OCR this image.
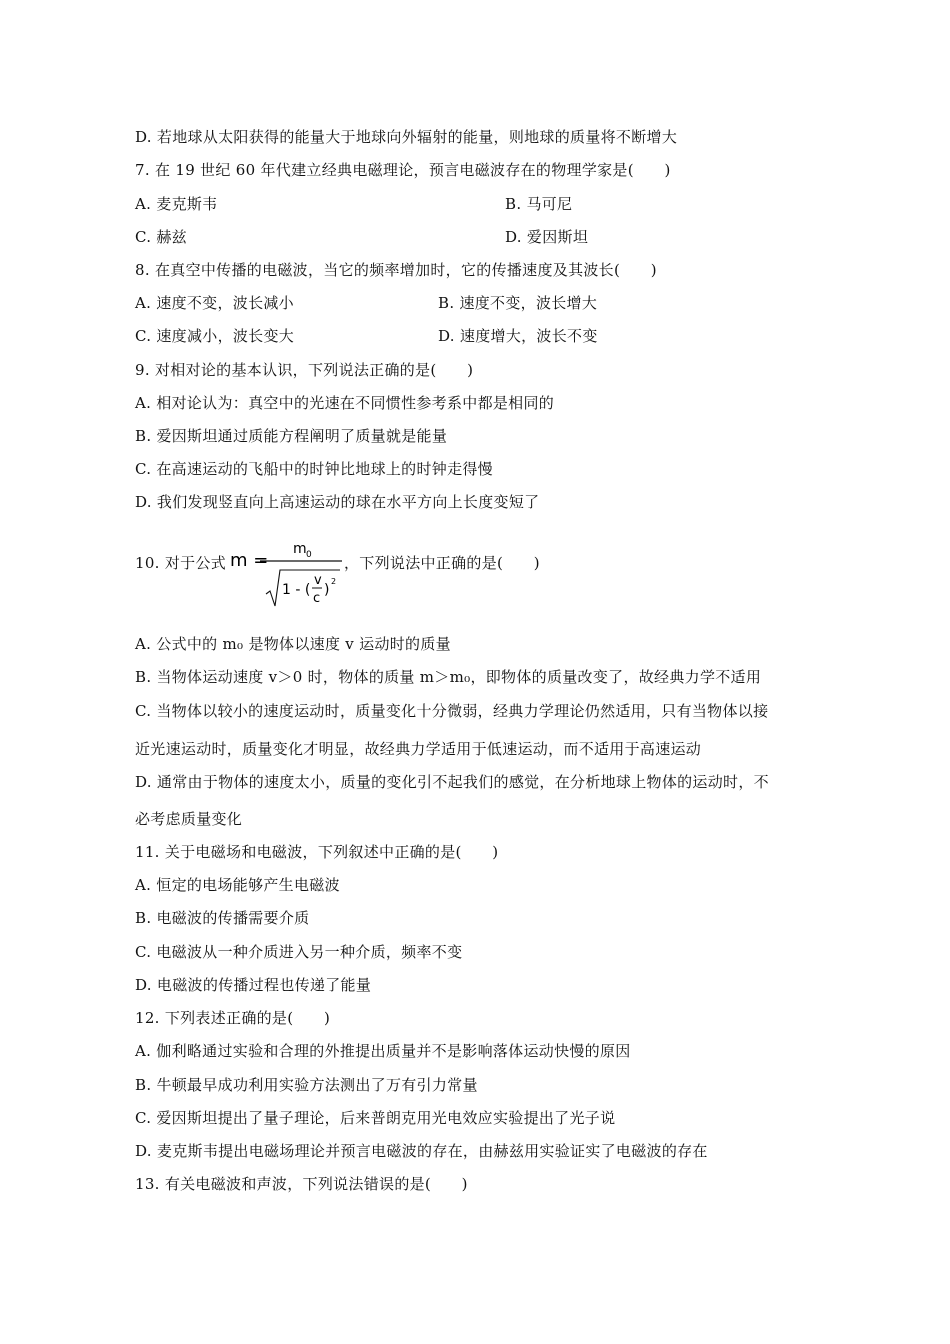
D. 若地球从太阳获得的能量大于地球向外辐射的能量，则地球的质量将不断增大
7. 在 19 世纪 60 年代建立经典电磁理论，预言电磁波存在的物理学家是(　　)
A. 麦克斯韦	B. 马可尼
C. 赫兹	D. 爱因斯坦
8. 在真空中传播的电磁波，当它的频率增加时，它的传播速度及其波长(　　)
A. 速度不变，波长减小	B. 速度不变，波长增大
C. 速度减小，波长变大	D. 速度增大，波长不变
9. 对相对论的基本认识，下列说法正确的是(　　)
A. 相对论认为：真空中的光速在不同惯性参考系中都是相同的
B. 爱因斯坦通过质能方程阐明了质量就是能量
C. 在高速运动的飞船中的时钟比地球上的时钟走得慢
D. 我们发现竖直向上高速运动的球在水平方向上长度变短了
10. 对于公式 m =
m 0
1 - (
v
c
)
2
，下列说法中正确的是(　　)
A. 公式中的 m₀ 是物体以速度 v 运动时的质量
B. 当物体运动速度 v＞0 时，物体的质量 m＞m₀，即物体的质量改变了，故经典力学不适用
C. 当物体以较小的速度运动时，质量变化十分微弱，经典力学理论仍然适用，只有当物体以接
近光速运动时，质量变化才明显，故经典力学适用于低速运动，而不适用于高速运动
D. 通常由于物体的速度太小，质量的变化引不起我们的感觉，在分析地球上物体的运动时，不
必考虑质量变化
11. 关于电磁场和电磁波，下列叙述中正确的是(　　)
A. 恒定的电场能够产生电磁波
B. 电磁波的传播需要介质
C. 电磁波从一种介质进入另一种介质，频率不变
D. 电磁波的传播过程也传递了能量
12. 下列表述正确的是(　　)
A. 伽利略通过实验和合理的外推提出质量并不是影响落体运动快慢的原因
B. 牛顿最早成功利用实验方法测出了万有引力常量
C. 爱因斯坦提出了量子理论，后来普朗克用光电效应实验提出了光子说
D. 麦克斯韦提出电磁场理论并预言电磁波的存在，由赫兹用实验证实了电磁波的存在
13. 有关电磁波和声波，下列说法错误的是(　　)
